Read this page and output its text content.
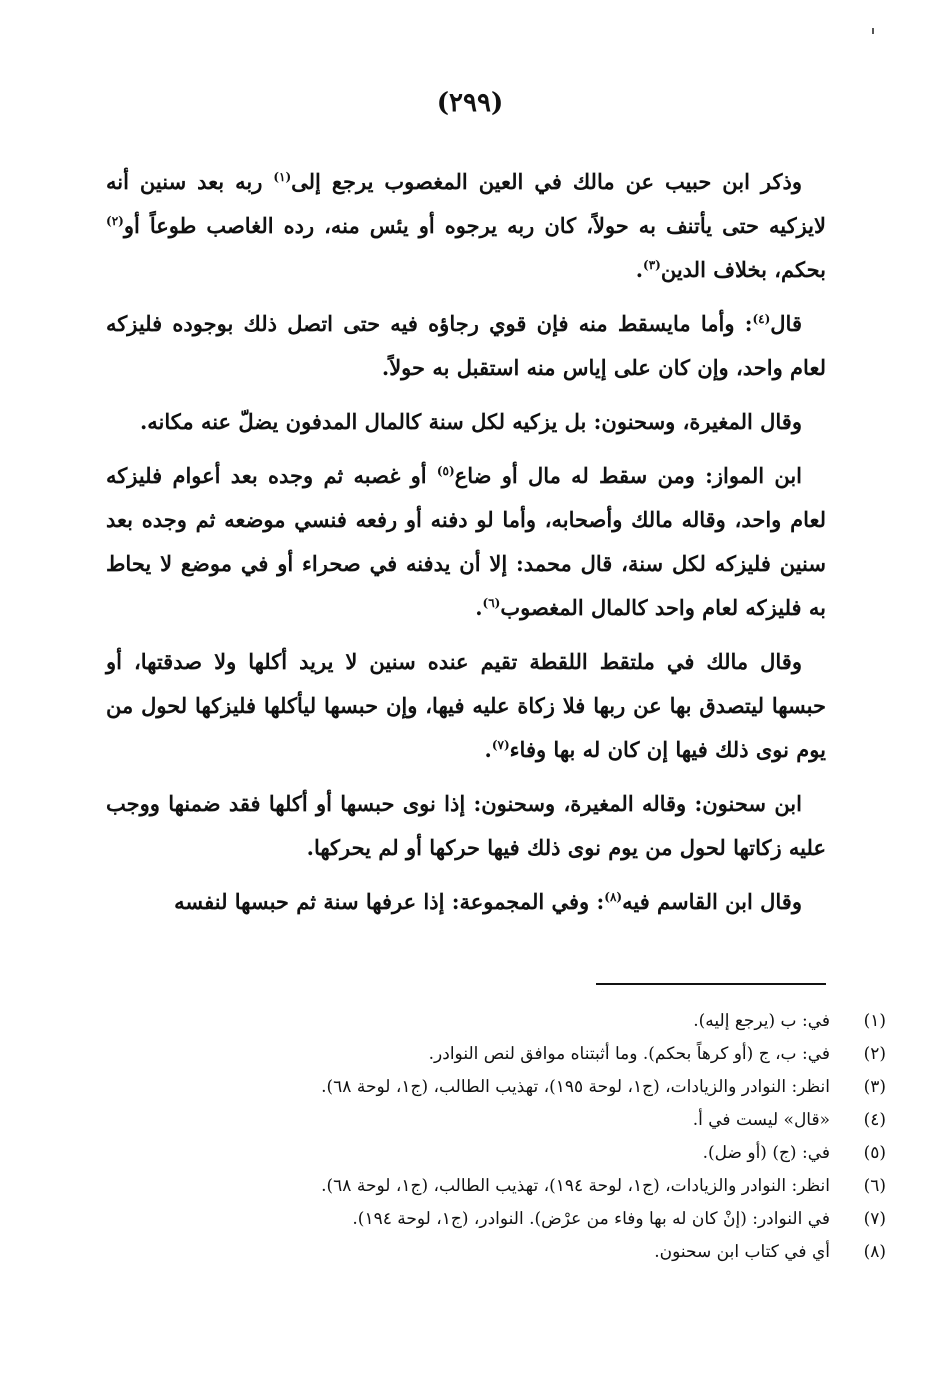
(٢٩٩)

وذكر ابن حبيب عن مالك في العين المغصوب يرجع إلى$^{(١)}$ ربه بعد سنين أنه لايزكيه حتى يأتنف به حولاً، كان ربه يرجوه أو يئس منه، رده الغاصب طوعاً أو$^{(٢)}$ بحكم، بخلاف الدين$^{(٣)}$.

قال$^{(٤)}$: وأما مايسقط منه فإن قوي رجاؤه فيه حتى اتصل ذلك بوجوده فليزكه لعام واحد، وإن كان على إياس منه استقبل به حولاً.

وقال المغيرة، وسحنون: بل يزكيه لكل سنة كالمال المدفون يضلّ عنه مكانه.

ابن المواز: ومن سقط له مال أو ضاع$^{(٥)}$ أو غصبه ثم وجده بعد أعوام فليزكه لعام واحد، وقاله مالك وأصحابه، وأما لو دفنه أو رفعه فنسي موضعه ثم وجده بعد سنين فليزكه لكل سنة، قال محمد: إلا أن يدفنه في صحراء أو في موضع لا يحاط به فليزكه لعام واحد كالمال المغصوب$^{(٦)}$.

وقال مالك في ملتقط اللقطة تقيم عنده سنين لا يريد أكلها ولا صدقتها، أو حبسها ليتصدق بها عن ربها فلا زكاة عليه فيها، وإن حبسها ليأكلها فليزكها لحول من يوم نوى ذلك فيها إن كان له بها وفاء$^{(٧)}$.

ابن سحنون: وقاله المغيرة، وسحنون: إذا نوى حبسها أو أكلها فقد ضمنها ووجب عليه زكاتها لحول من يوم نوى ذلك فيها حركها أو لم يحركها.

وقال ابن القاسم فيه$^{(٨)}$: وفي المجموعة: إذا عرفها سنة ثم حبسها لنفسه

(١)
في: ب (يرجع إليه).
(٢)
في: ب، ج (أو كرهاً بحكم). وما أثبتناه موافق لنص النوادر.
(٣)
انظر: النوادر والزيادات، (ج١، لوحة ١٩٥)، تهذيب الطالب، (ج١، لوحة ٦٨).
(٤)
«قال» ليست في أ.
(٥)
في: (ج) (أو ضل).
(٦)
انظر: النوادر والزيادات، (ج١، لوحة ١٩٤)، تهذيب الطالب، (ج١، لوحة ٦٨).
(٧)
في النوادر: (إنْ كان له بها وفاء من عرْض). النوادر، (ج١، لوحة ١٩٤).
(٨)
أي في كتاب ابن سحنون.
